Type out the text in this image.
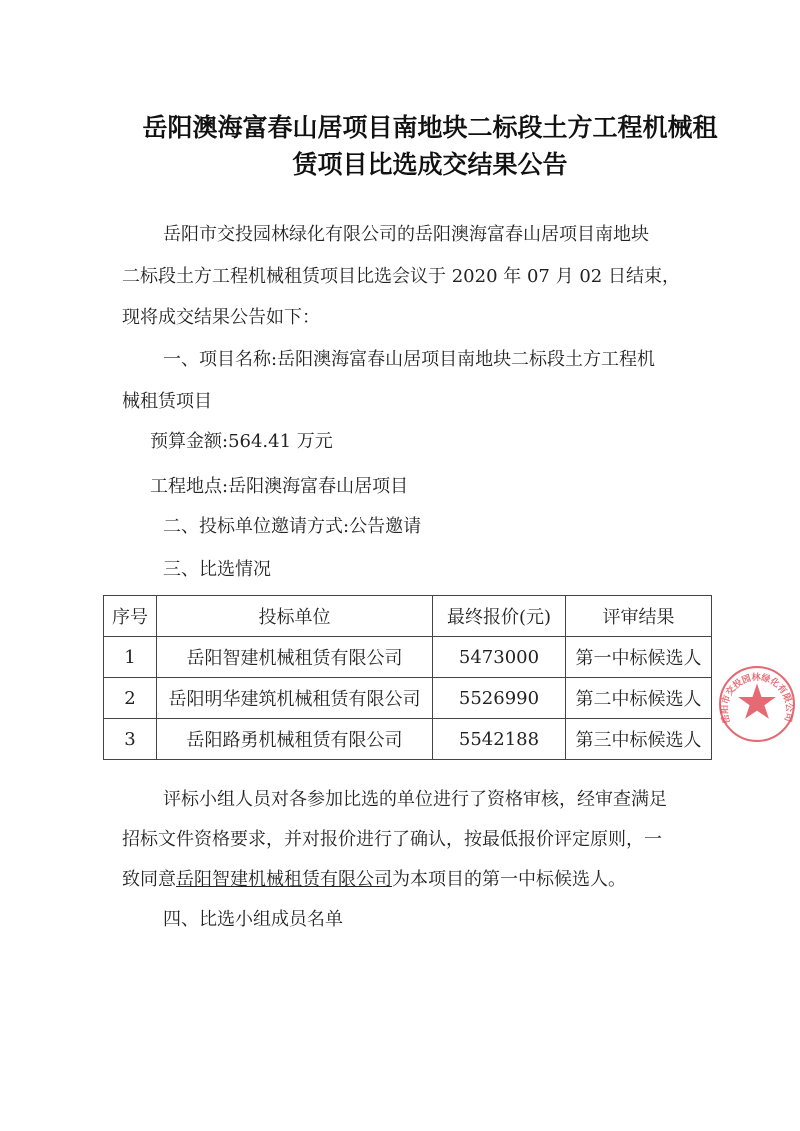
岳阳澳海富春山居项目南地块二标段土方工程机械租
赁项目比选成交结果公告
岳阳市交投园林绿化有限公司的岳阳澳海富春山居项目南地块
二标段土方工程机械租赁项目比选会议于 2020 年 07 月 02 日结束，
现将成交结果公告如下：
一、项目名称:岳阳澳海富春山居项目南地块二标段土方工程机
械租赁项目
预算金额:564.41 万元
工程地点:岳阳澳海富春山居项目
二、投标单位邀请方式:公告邀请
三、比选情况
序号	投标单位	最终报价(元)	评审结果
1	岳阳智建机械租赁有限公司	5473000	第一中标候选人
2	岳阳明华建筑机械租赁有限公司	5526990	第二中标候选人
3	岳阳路勇机械租赁有限公司	5542188	第三中标候选人
评标小组人员对各参加比选的单位进行了资格审核，经审查满足
招标文件资格要求，并对报价进行了确认，按最低报价评定原则，一
致同意岳阳智建机械租赁有限公司为本项目的第一中标候选人。
四、比选小组成员名单
岳阳市交投园林绿化有限公司
